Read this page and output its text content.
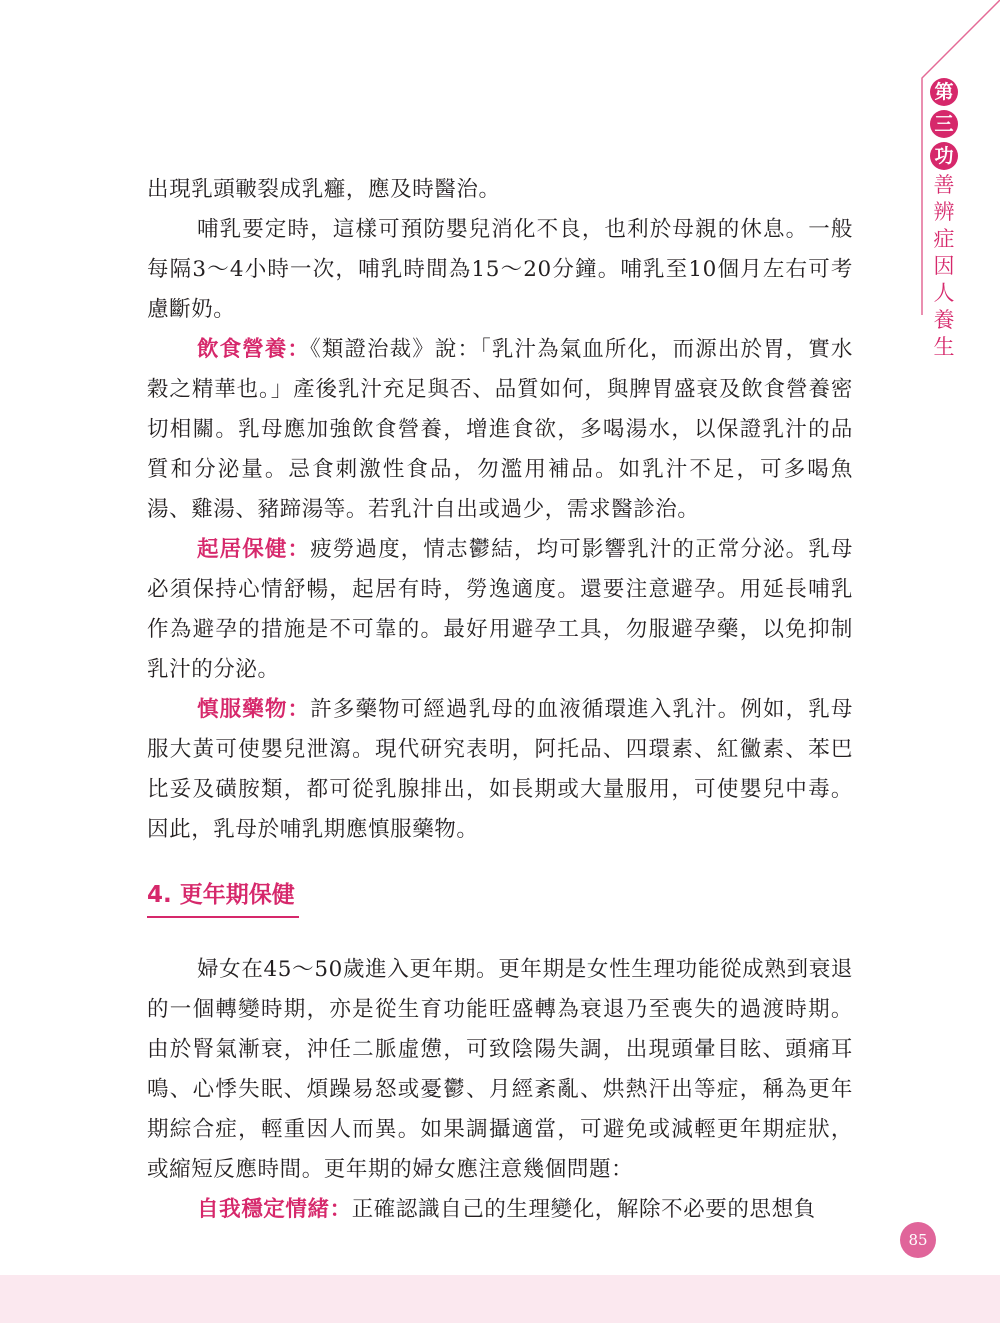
第
三
功
善
辨
症
因
人
養
生

出現乳頭皸裂成乳癰，應及時醫治。

哺乳要定時，這樣可預防嬰兒消化不良，也利於母親的休息。一般每隔3～4小時一次，哺乳時間為15～20分鐘。哺乳至10個月左右可考慮斷奶。

飲食營養：《類證治裁》說：「乳汁為氣血所化，而源出於胃，實水穀之精華也。」產後乳汁充足與否、品質如何，與脾胃盛衰及飲食營養密切相關。乳母應加強飲食營養，增進食欲，多喝湯水，以保證乳汁的品質和分泌量。忌食刺激性食品，勿濫用補品。如乳汁不足，可多喝魚湯、雞湯、豬蹄湯等。若乳汁自出或過少，需求醫診治。

起居保健：疲勞過度，情志鬱結，均可影響乳汁的正常分泌。乳母必須保持心情舒暢，起居有時，勞逸適度。還要注意避孕。用延長哺乳作為避孕的措施是不可靠的。最好用避孕工具，勿服避孕藥，以免抑制乳汁的分泌。

慎服藥物：許多藥物可經過乳母的血液循環進入乳汁。例如，乳母服大黃可使嬰兒泄瀉。現代研究表明，阿托品、四環素、紅黴素、苯巴比妥及磺胺類，都可從乳腺排出，如長期或大量服用，可使嬰兒中毒。因此，乳母於哺乳期應慎服藥物。

4. 更年期保健

婦女在45～50歲進入更年期。更年期是女性生理功能從成熟到衰退的一個轉變時期，亦是從生育功能旺盛轉為衰退乃至喪失的過渡時期。由於腎氣漸衰，沖任二脈虛憊，可致陰陽失調，出現頭暈目眩、頭痛耳鳴、心悸失眠、煩躁易怒或憂鬱、月經紊亂、烘熱汗出等症，稱為更年期綜合症，輕重因人而異。如果調攝適當，可避免或減輕更年期症狀，或縮短反應時間。更年期的婦女應注意幾個問題：

自我穩定情緒：正確認識自己的生理變化，解除不必要的思想負

85
